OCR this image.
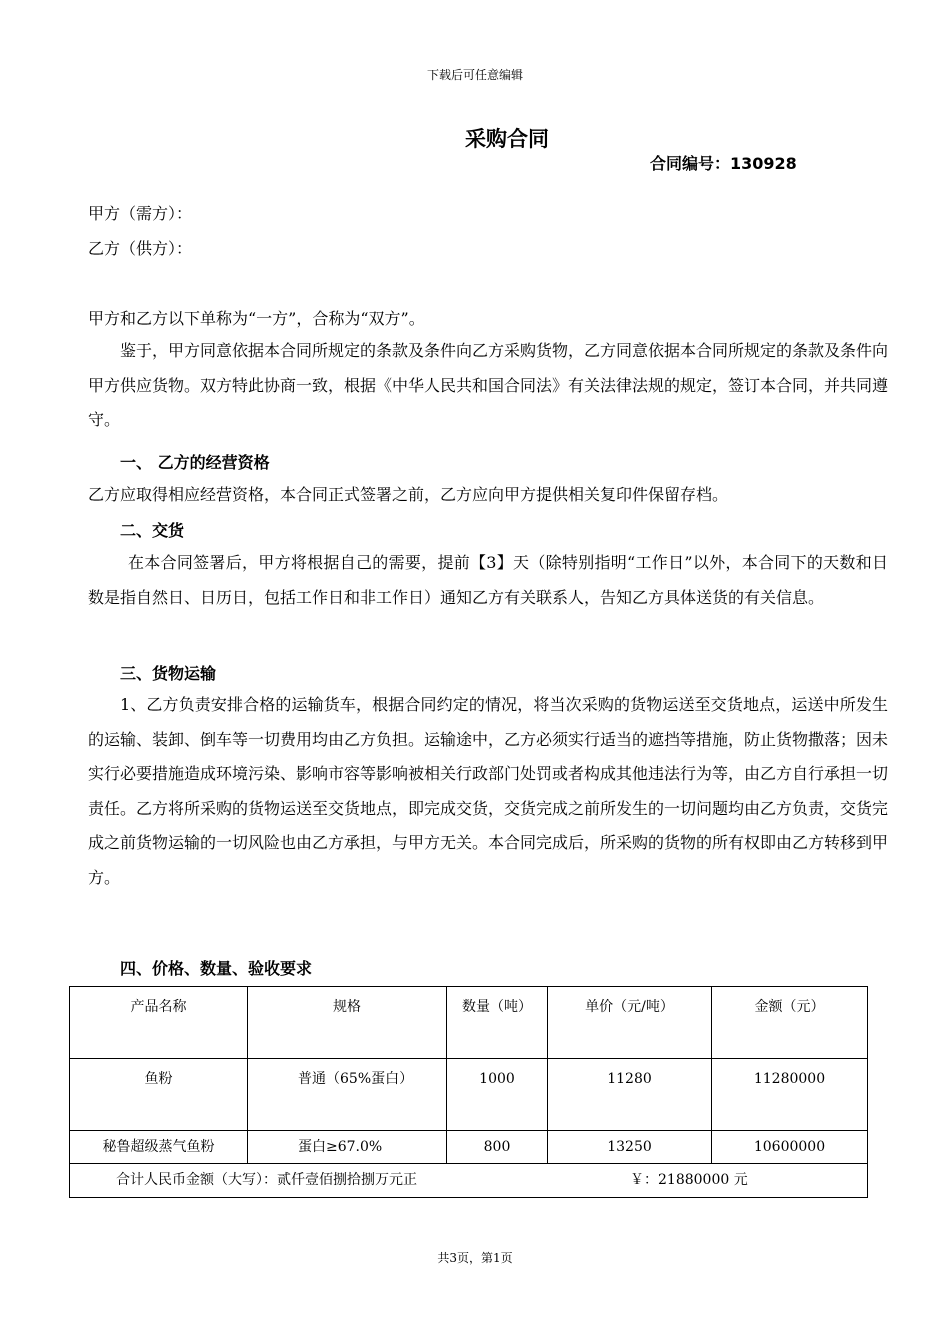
下载后可任意编辑
采购合同
合同编号：130928
甲方（需方）：
乙方（供方）：
甲方和乙方以下单称为“一方”，合称为“双方”。
鉴于，甲方同意依据本合同所规定的条款及条件向乙方采购货物，乙方同意依据本合同所规定的条款及条件向甲方供应货物。双方特此协商一致，根据《中华人民共和国合同法》有关法律法规的规定，签订本合同，并共同遵守。
一、 乙方的经营资格
乙方应取得相应经营资格，本合同正式签署之前，乙方应向甲方提供相关复印件保留存档。
二、交货
在本合同签署后，甲方将根据自己的需要，提前【3】天（除特别指明“工作日”以外，本合同下的天数和日数是指自然日、日历日，包括工作日和非工作日）通知乙方有关联系人，告知乙方具体送货的有关信息。
三、货物运输
1、乙方负责安排合格的运输货车，根据合同约定的情况，将当次采购的货物运送至交货地点，运送中所发生的运输、装卸、倒车等一切费用均由乙方负担。运输途中，乙方必须实行适当的遮挡等措施，防止货物撒落；因未实行必要措施造成环境污染、影响市容等影响被相关行政部门处罚或者构成其他违法行为等，由乙方自行承担一切责任。乙方将所采购的货物运送至交货地点，即完成交货，交货完成之前所发生的一切问题均由乙方负责，交货完成之前货物运输的一切风险也由乙方承担，与甲方无关。本合同完成后，所采购的货物的所有权即由乙方转移到甲方。
四、价格、数量、验收要求
产品名称	规格	数量（吨）	单价（元/吨）	金额（元）
鱼粉	普通（65%蛋白）	1000	11280	11280000
秘鲁超级蒸气鱼粉	蛋白≥67.0%	800	13250	10600000
合计人民币金额（大写）：贰仟壹佰捌拾捌万元正 ￥：21880000 元				
共3页，第1页
